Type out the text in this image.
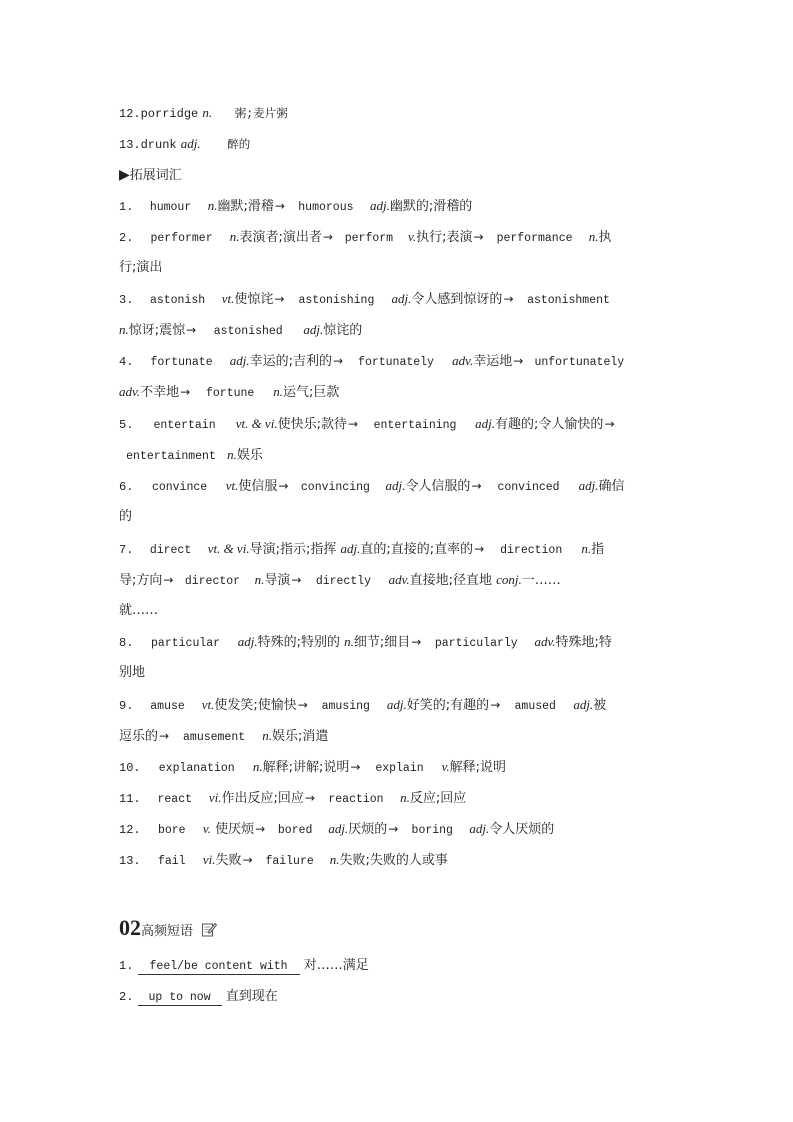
12.porridge n. 粥;麦片粥
13.drunk adj. 醉的
▶拓展词汇
1. humour n.幽默;滑稽→ humorous adj.幽默的;滑稽的
2. performer n.表演者;演出者→ perform v.执行;表演→ performance n.执
行;演出
3. astonish vt.使惊诧→ astonishing adj.令人感到惊讶的→ astonishment
n.惊讶;震惊→ astonished adj.惊诧的
4. fortunate adj.幸运的;吉利的→ fortunately adv.幸运地→ unfortunately
adv.不幸地→ fortune n.运气;巨款
5. entertain vt. & vi.使快乐;款待→ entertaining adj.有趣的;令人愉快的→
entertainment n.娱乐
6. convince vt.使信服→ convincing adj.令人信服的→ convinced adj.确信
的
7. direct vt. & vi.导演;指示;指挥 adj.直的;直接的;直率的→ direction n.指
导;方向→ director n.导演→ directly adv.直接地;径直地 conj.一……
就……
8. particular adj.特殊的;特别的 n.细节;细目→ particularly adv.特殊地;特
别地
9. amuse vt.使发笑;使愉快→ amusing adj.好笑的;有趣的→ amused adj.被
逗乐的→ amusement n.娱乐;消遣
10. explanation n.解释;讲解;说明→ explain v.解释;说明
11. react vi.作出反应;回应→ reaction n.反应;回应
12. bore v. 使厌烦→ bored adj.厌烦的→ boring adj.令人厌烦的
13. fail vi.失败→ failure n.失败;失败的人或事
02高频短语
1. feel/be content with 对……满足
2. up to now 直到现在
